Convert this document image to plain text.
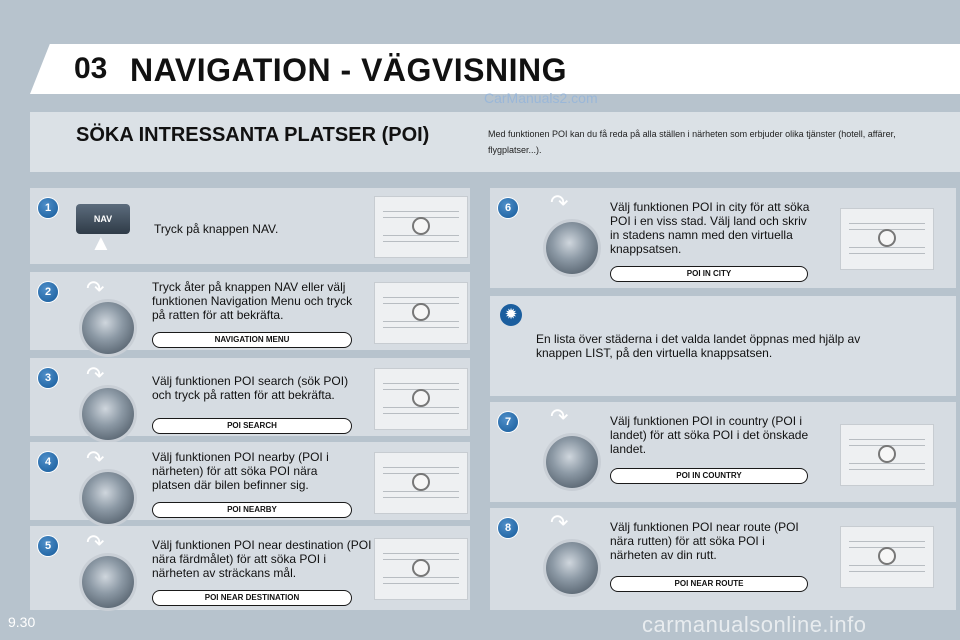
03 NAVIGATION - VÄGVISNING
CarManuals2.com
SÖKA INTRESSANTA PLATSER (POI)	Med funktionen POI kan du få reda på alla ställen i närheten som erbjuder olika tjänster (hotell, affärer, flygplatser...).
1
NAV
▲
Tryck på knappen NAV.
2	↷	Tryck åter på knappen NAV eller välj funktionen Navigation Menu och tryck på ratten för att bekräfta.
NAVIGATION MENU
3	↷	Välj funktionen POI search (sök POI) och tryck på ratten för att bekräfta.
POI SEARCH
4	↷	Välj funktionen POI nearby (POI i närheten) för att söka POI nära platsen där bilen befinner sig.
POI NEARBY
5	↷	Välj funktionen POI near destination (POI nära färdmålet) för att söka POI i närheten av sträckans mål.
POI NEAR DESTINATION
6	↷	Välj funktionen POI in city för att söka POI i en viss stad. Välj land och skriv in stadens namn med den virtuella knappsatsen.
POI IN CITY
✹
En lista över städerna i det valda landet öppnas med hjälp av knappen LIST, på den virtuella knappsatsen.
7	↷	Välj funktionen POI in country (POI i landet) för att söka POI i det önskade landet.
POI IN COUNTRY
8	↷	Välj funktionen POI near route (POI nära rutten) för att söka POI i närheten av din rutt.
POI NEAR ROUTE
9.30	carmanualsonline.info
